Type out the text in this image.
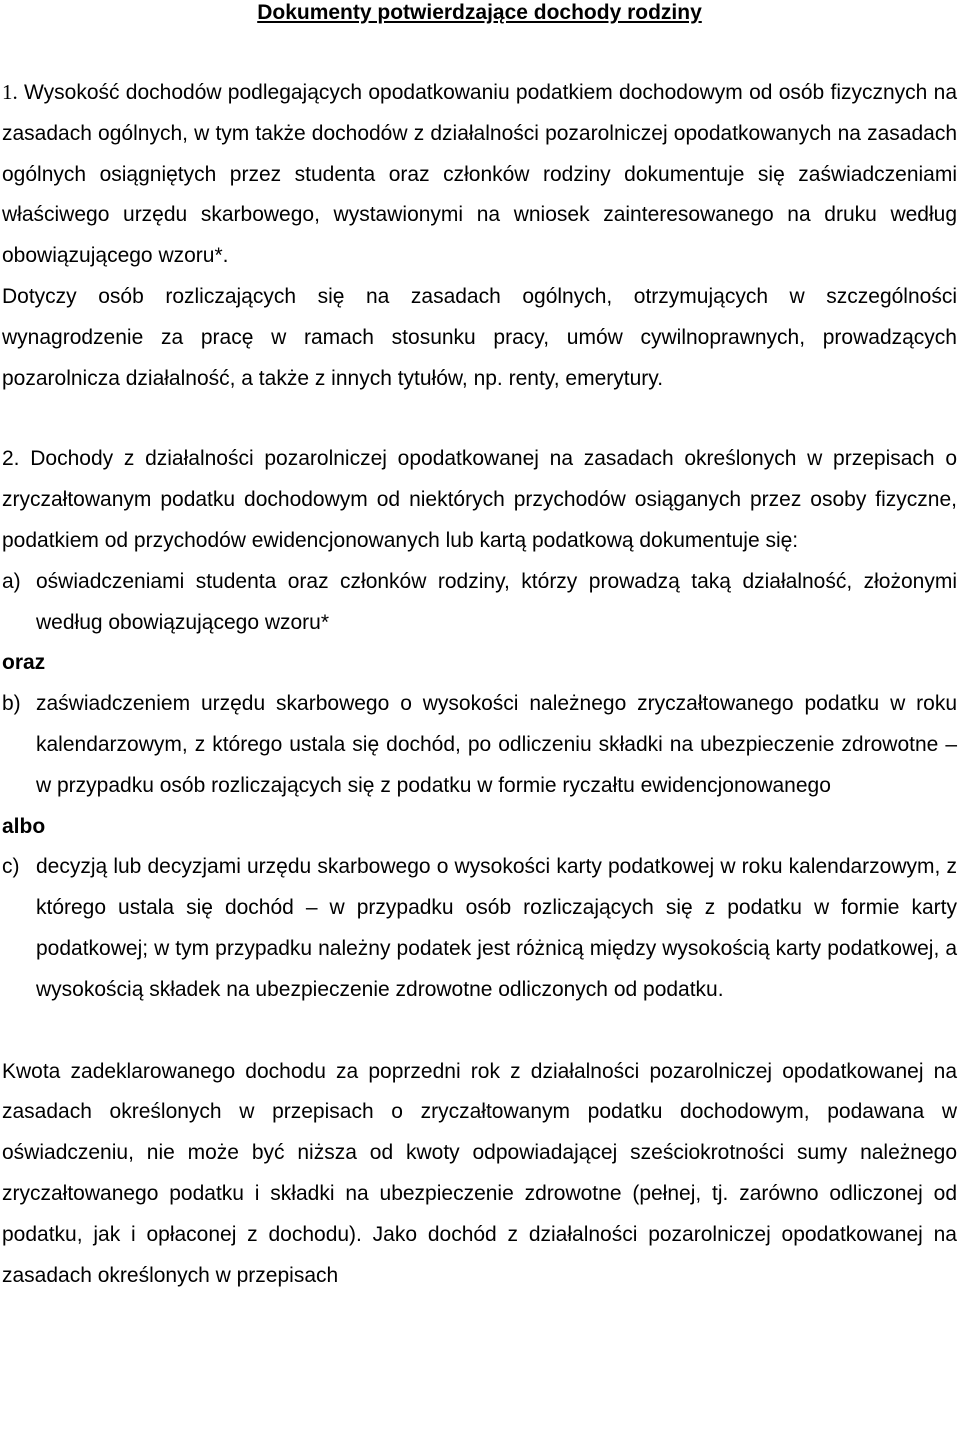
Dokumenty potwierdzające dochody rodziny

1. Wysokość dochodów podlegających opodatkowaniu podatkiem dochodowym od osób fizycznych na zasadach ogólnych, w tym także dochodów z działalności pozarolniczej opodatkowanych na zasadach ogólnych osiągniętych przez studenta oraz członków rodziny dokumentuje się zaświadczeniami właściwego urzędu skarbowego, wystawionymi na wniosek zainteresowanego na druku według obowiązującego wzoru*.

Dotyczy osób rozliczających się na zasadach ogólnych, otrzymujących w szczególności wynagrodzenie za pracę w ramach stosunku pracy, umów cywilnoprawnych, prowadzących pozarolnicza działalność, a także z innych tytułów, np. renty, emerytury.

2. Dochody z działalności pozarolniczej opodatkowanej na zasadach określonych w przepisach o zryczałtowanym podatku dochodowym od niektórych przychodów osiąganych przez osoby fizyczne, podatkiem od przychodów ewidencjonowanych lub kartą podatkową dokumentuje się:

a) oświadczeniami studenta oraz członków rodziny, którzy prowadzą taką działalność, złożonymi według obowiązującego wzoru*

oraz

b) zaświadczeniem urzędu skarbowego o wysokości należnego zryczałtowanego podatku w roku kalendarzowym, z którego ustala się dochód, po odliczeniu składki na ubezpieczenie zdrowotne – w przypadku osób rozliczających się z podatku w formie ryczałtu ewidencjonowanego

albo

c) decyzją lub decyzjami urzędu skarbowego o wysokości karty podatkowej w roku kalendarzowym, z którego ustala się dochód – w przypadku osób rozliczających się z podatku w formie karty podatkowej; w tym przypadku należny podatek jest różnicą między wysokością karty podatkowej, a wysokością składek na ubezpieczenie zdrowotne odliczonych od podatku.

Kwota zadeklarowanego dochodu za poprzedni rok z działalności pozarolniczej opodatkowanej na zasadach określonych w przepisach o zryczałtowanym podatku dochodowym, podawana w oświadczeniu, nie może być niższa od kwoty odpowiadającej sześciokrotności sumy należnego zryczałtowanego podatku i składki na ubezpieczenie zdrowotne (pełnej, tj. zarówno odliczonej od podatku, jak i opłaconej z dochodu). Jako dochód z działalności pozarolniczej opodatkowanej na zasadach określonych w przepisach
